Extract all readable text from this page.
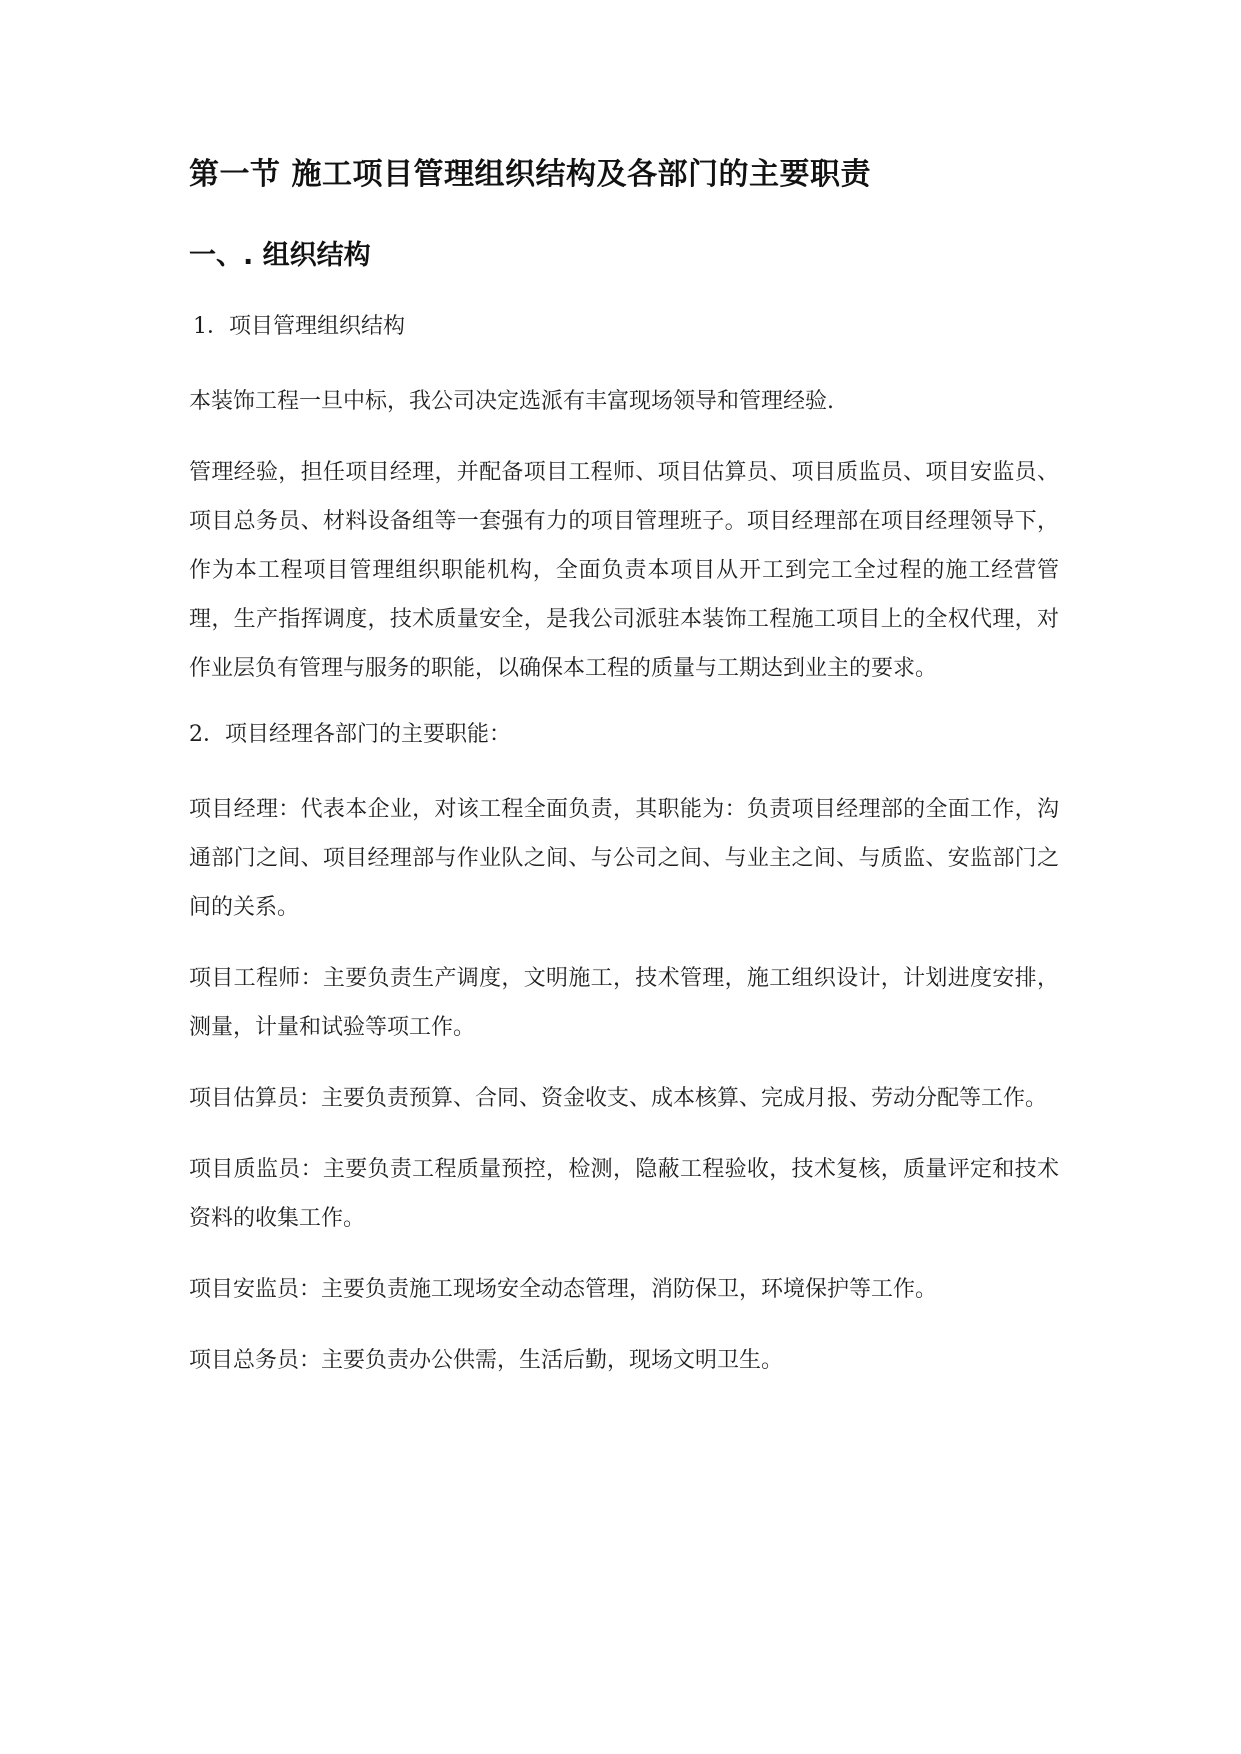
第一节 施工项目管理组织结构及各部门的主要职责
一、. 组织结构

1．项目管理组织结构

本装饰工程一旦中标，我公司决定选派有丰富现场领导和管理经验.

管理经验，担任项目经理，并配备项目工程师、项目估算员、项目质监员、项目安监员、项目总务员、材料设备组等一套强有力的项目管理班子。项目经理部在项目经理领导下，作为本工程项目管理组织职能机构，全面负责本项目从开工到完工全过程的施工经营管理，生产指挥调度，技术质量安全，是我公司派驻本装饰工程施工项目上的全权代理，对作业层负有管理与服务的职能，以确保本工程的质量与工期达到业主的要求。

2．项目经理各部门的主要职能：

项目经理：代表本企业，对该工程全面负责，其职能为：负责项目经理部的全面工作，沟通部门之间、项目经理部与作业队之间、与公司之间、与业主之间、与质监、安监部门之间的关系。

项目工程师：主要负责生产调度，文明施工，技术管理，施工组织设计，计划进度安排，测量，计量和试验等项工作。

项目估算员：主要负责预算、合同、资金收支、成本核算、完成月报、劳动分配等工作。

项目质监员：主要负责工程质量预控，检测，隐蔽工程验收，技术复核，质量评定和技术资料的收集工作。

项目安监员：主要负责施工现场安全动态管理，消防保卫，环境保护等工作。

项目总务员：主要负责办公供需，生活后勤，现场文明卫生。
